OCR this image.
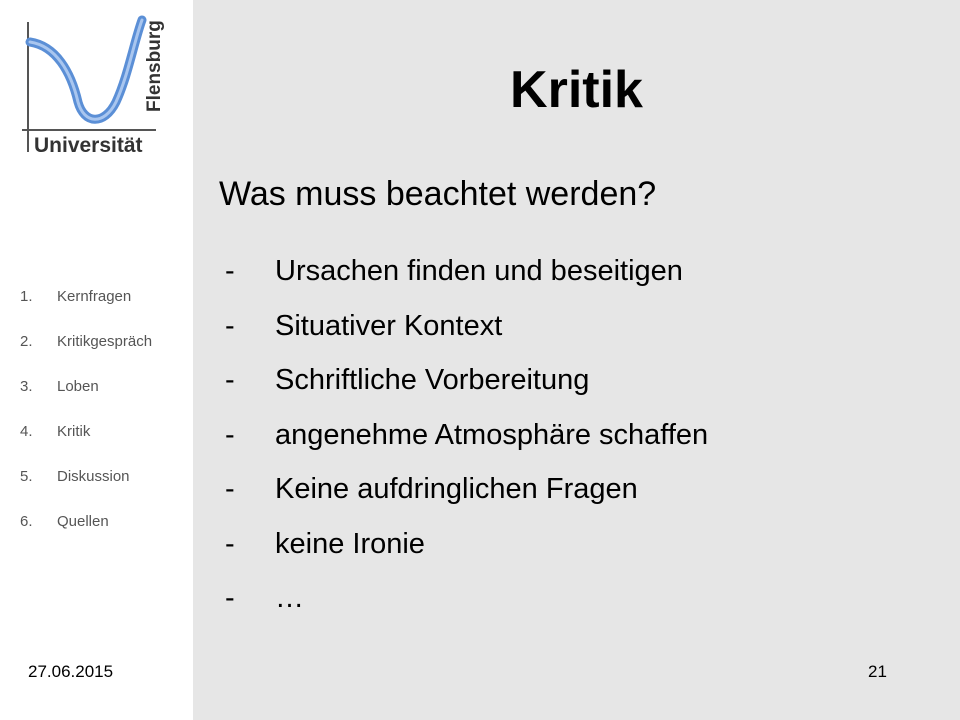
Flensburg
Universität
1.	Kernfragen
2.	Kritikgespräch
3.	Loben
4.	Kritik
5.	Diskussion
6.	Quellen
27.06.2015
Kritik
Was muss beachtet werden?
-	Ursachen finden und beseitigen
-	Situativer Kontext
-	Schriftliche Vorbereitung
-	angenehme Atmosphäre schaffen
-	Keine aufdringlichen Fragen
-	keine Ironie
-	…
21
